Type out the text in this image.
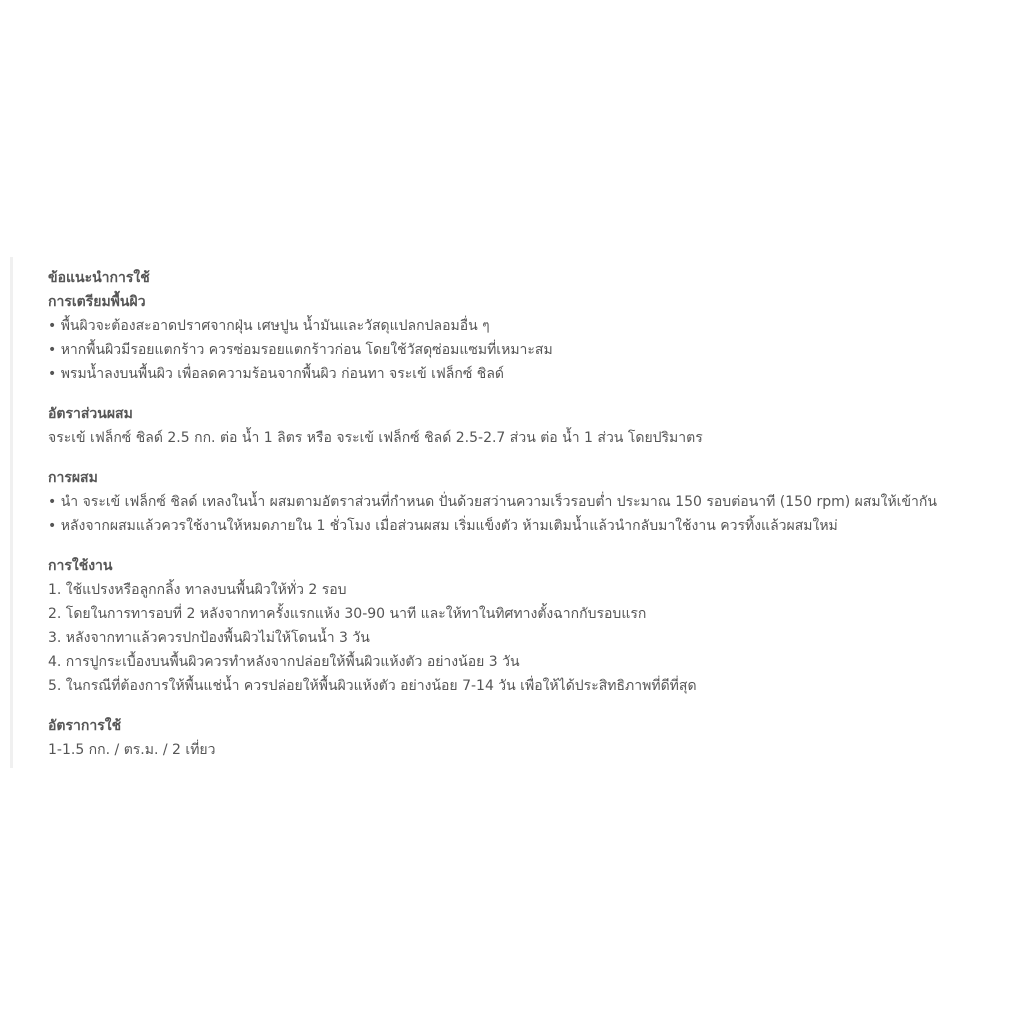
ข้อแนะนำการใช้
การเตรียมพื้นผิว
• พื้นผิวจะต้องสะอาดปราศจากฝุ่น เศษปูน น้ำมันและวัสดุแปลกปลอมอื่น ๆ
• หากพื้นผิวมีรอยแตกร้าว ควรซ่อมรอยแตกร้าวก่อน โดยใช้วัสดุซ่อมแซมที่เหมาะสม
• พรมน้ำลงบนพื้นผิว เพื่อลดความร้อนจากพื้นผิว ก่อนทา จระเข้ เฟล็กซ์ ชิลด์
อัตราส่วนผสม
จระเข้ เฟล็กซ์ ชิลด์ 2.5 กก. ต่อ น้ำ 1 ลิตร หรือ จระเข้ เฟล็กซ์ ชิลด์ 2.5-2.7 ส่วน ต่อ น้ำ 1 ส่วน โดยปริมาตร
การผสม
• นำ จระเข้ เฟล็กซ์ ชิลด์ เทลงในน้ำ ผสมตามอัตราส่วนที่กำหนด ปั่นด้วยสว่านความเร็วรอบต่ำ ประมาณ 150 รอบต่อนาที (150 rpm) ผสมให้เข้ากัน
• หลังจากผสมแล้วควรใช้งานให้หมดภายใน 1 ชั่วโมง เมื่อส่วนผสม เริ่มแข็งตัว ห้ามเติมน้ำแล้วนำกลับมาใช้งาน ควรทิ้งแล้วผสมใหม่
การใช้งาน
1. ใช้แปรงหรือลูกกลิ้ง ทาลงบนพื้นผิวให้ทั่ว 2 รอบ
2. โดยในการทารอบที่ 2 หลังจากทาครั้งแรกแห้ง 30-90 นาที และให้ทาในทิศทางตั้งฉากกับรอบแรก
3. หลังจากทาแล้วควรปกป้องพื้นผิวไม่ให้โดนน้ำ 3 วัน
4. การปูกระเบื้องบนพื้นผิวควรทำหลังจากปล่อยให้พื้นผิวแห้งตัว อย่างน้อย 3 วัน
5. ในกรณีที่ต้องการให้พื้นแช่น้ำ ควรปล่อยให้พื้นผิวแห้งตัว อย่างน้อย 7-14 วัน เพื่อให้ได้ประสิทธิภาพที่ดีที่สุด
อัตราการใช้
1-1.5 กก. / ตร.ม. / 2 เที่ยว
